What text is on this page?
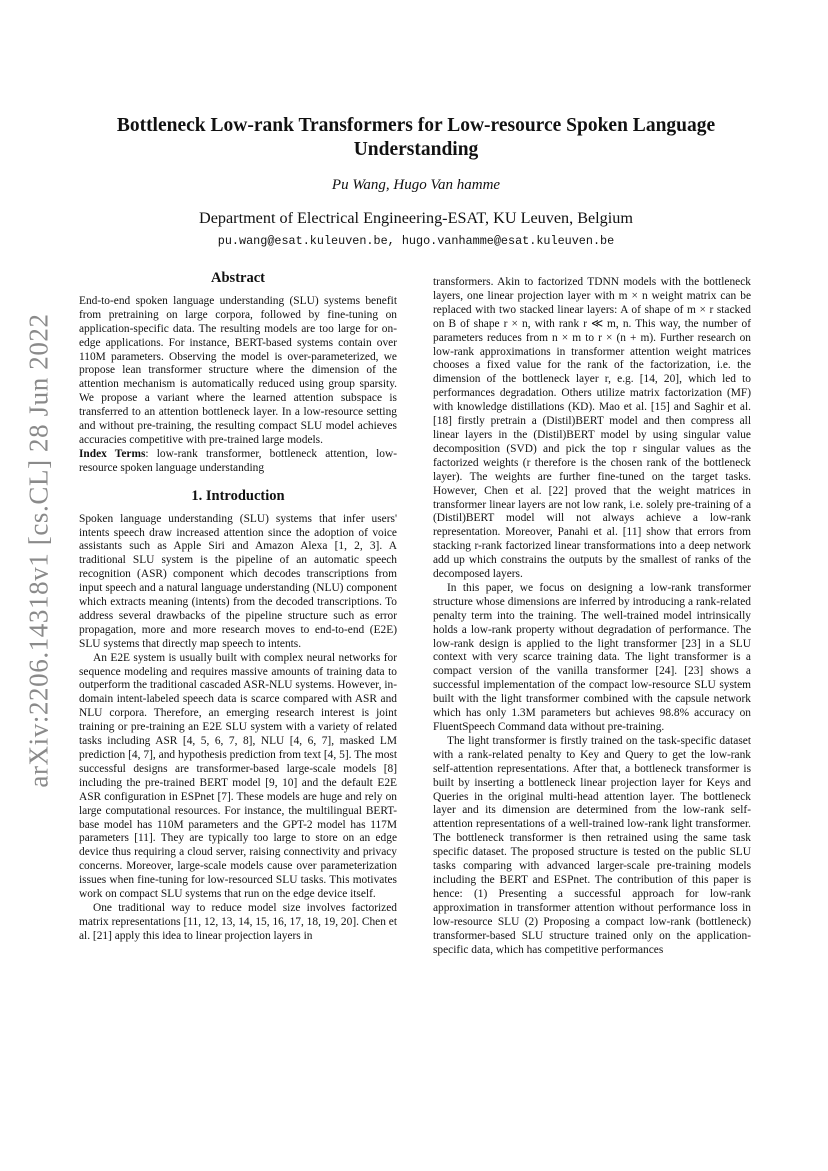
arXiv:2206.14318v1 [cs.CL] 28 Jun 2022
Bottleneck Low-rank Transformers for Low-resource Spoken Language Understanding
Pu Wang, Hugo Van hamme
Department of Electrical Engineering-ESAT, KU Leuven, Belgium
pu.wang@esat.kuleuven.be, hugo.vanhamme@esat.kuleuven.be
Abstract

End-to-end spoken language understanding (SLU) systems benefit from pretraining on large corpora, followed by fine-tuning on application-specific data. The resulting models are too large for on-edge applications. For instance, BERT-based systems contain over 110M parameters. Observing the model is over-parameterized, we propose lean transformer structure where the dimension of the attention mechanism is automatically reduced using group sparsity. We propose a variant where the learned attention subspace is transferred to an attention bottleneck layer. In a low-resource setting and without pre-training, the resulting compact SLU model achieves accuracies competitive with pre-trained large models.

Index Terms: low-rank transformer, bottleneck attention, low-resource spoken language understanding

1. Introduction

Spoken language understanding (SLU) systems that infer users' intents speech draw increased attention since the adoption of voice assistants such as Apple Siri and Amazon Alexa [1, 2, 3]. A traditional SLU system is the pipeline of an automatic speech recognition (ASR) component which decodes transcriptions from input speech and a natural language understanding (NLU) component which extracts meaning (intents) from the decoded transcriptions. To address several drawbacks of the pipeline structure such as error propagation, more and more research moves to end-to-end (E2E) SLU systems that directly map speech to intents.

An E2E system is usually built with complex neural networks for sequence modeling and requires massive amounts of training data to outperform the traditional cascaded ASR-NLU systems. However, in-domain intent-labeled speech data is scarce compared with ASR and NLU corpora. Therefore, an emerging research interest is joint training or pre-training an E2E SLU system with a variety of related tasks including ASR [4, 5, 6, 7, 8], NLU [4, 6, 7], masked LM prediction [4, 7], and hypothesis prediction from text [4, 5]. The most successful designs are transformer-based large-scale models [8] including the pre-trained BERT model [9, 10] and the default E2E ASR configuration in ESPnet [7]. These models are huge and rely on large computational resources. For instance, the multilingual BERT-base model has 110M parameters and the GPT-2 model has 117M parameters [11]. They are typically too large to store on an edge device thus requiring a cloud server, raising connectivity and privacy concerns. Moreover, large-scale models cause over parameterization issues when fine-tuning for low-resourced SLU tasks. This motivates work on compact SLU systems that run on the edge device itself.

One traditional way to reduce model size involves factorized matrix representations [11, 12, 13, 14, 15, 16, 17, 18, 19, 20]. Chen et al. [21] apply this idea to linear projection layers in

transformers. Akin to factorized TDNN models with the bottleneck layers, one linear projection layer with m × n weight matrix can be replaced with two stacked linear layers: A of shape of m × r stacked on B of shape r × n, with rank r ≪ m, n. This way, the number of parameters reduces from n × m to r × (n + m). Further research on low-rank approximations in transformer attention weight matrices chooses a fixed value for the rank of the factorization, i.e. the dimension of the bottleneck layer r, e.g. [14, 20], which led to performances degradation. Others utilize matrix factorization (MF) with knowledge distillations (KD). Mao et al. [15] and Saghir et al. [18] firstly pretrain a (Distil)BERT model and then compress all linear layers in the (Distil)BERT model by using singular value decomposition (SVD) and pick the top r singular values as the factorized weights (r therefore is the chosen rank of the bottleneck layer). The weights are further fine-tuned on the target tasks. However, Chen et al. [22] proved that the weight matrices in transformer linear layers are not low rank, i.e. solely pre-training of a (Distil)BERT model will not always achieve a low-rank representation. Moreover, Panahi et al. [11] show that errors from stacking r-rank factorized linear transformations into a deep network add up which constrains the outputs by the smallest of ranks of the decomposed layers.

In this paper, we focus on designing a low-rank transformer structure whose dimensions are inferred by introducing a rank-related penalty term into the training. The well-trained model intrinsically holds a low-rank property without degradation of performance. The low-rank design is applied to the light transformer [23] in a SLU context with very scarce training data. The light transformer is a compact version of the vanilla transformer [24]. [23] shows a successful implementation of the compact low-resource SLU system built with the light transformer combined with the capsule network which has only 1.3M parameters but achieves 98.8% accuracy on FluentSpeech Command data without pre-training.

The light transformer is firstly trained on the task-specific dataset with a rank-related penalty to Key and Query to get the low-rank self-attention representations. After that, a bottleneck transformer is built by inserting a bottleneck linear projection layer for Keys and Queries in the original multi-head attention layer. The bottleneck layer and its dimension are determined from the low-rank self-attention representations of a well-trained low-rank light transformer. The bottleneck transformer is then retrained using the same task specific dataset. The proposed structure is tested on the public SLU tasks comparing with advanced larger-scale pre-training models including the BERT and ESPnet. The contribution of this paper is hence: (1) Presenting a successful approach for low-rank approximation in transformer attention without performance loss in low-resource SLU (2) Proposing a compact low-rank (bottleneck) transformer-based SLU structure trained only on the application-specific data, which has competitive performances
